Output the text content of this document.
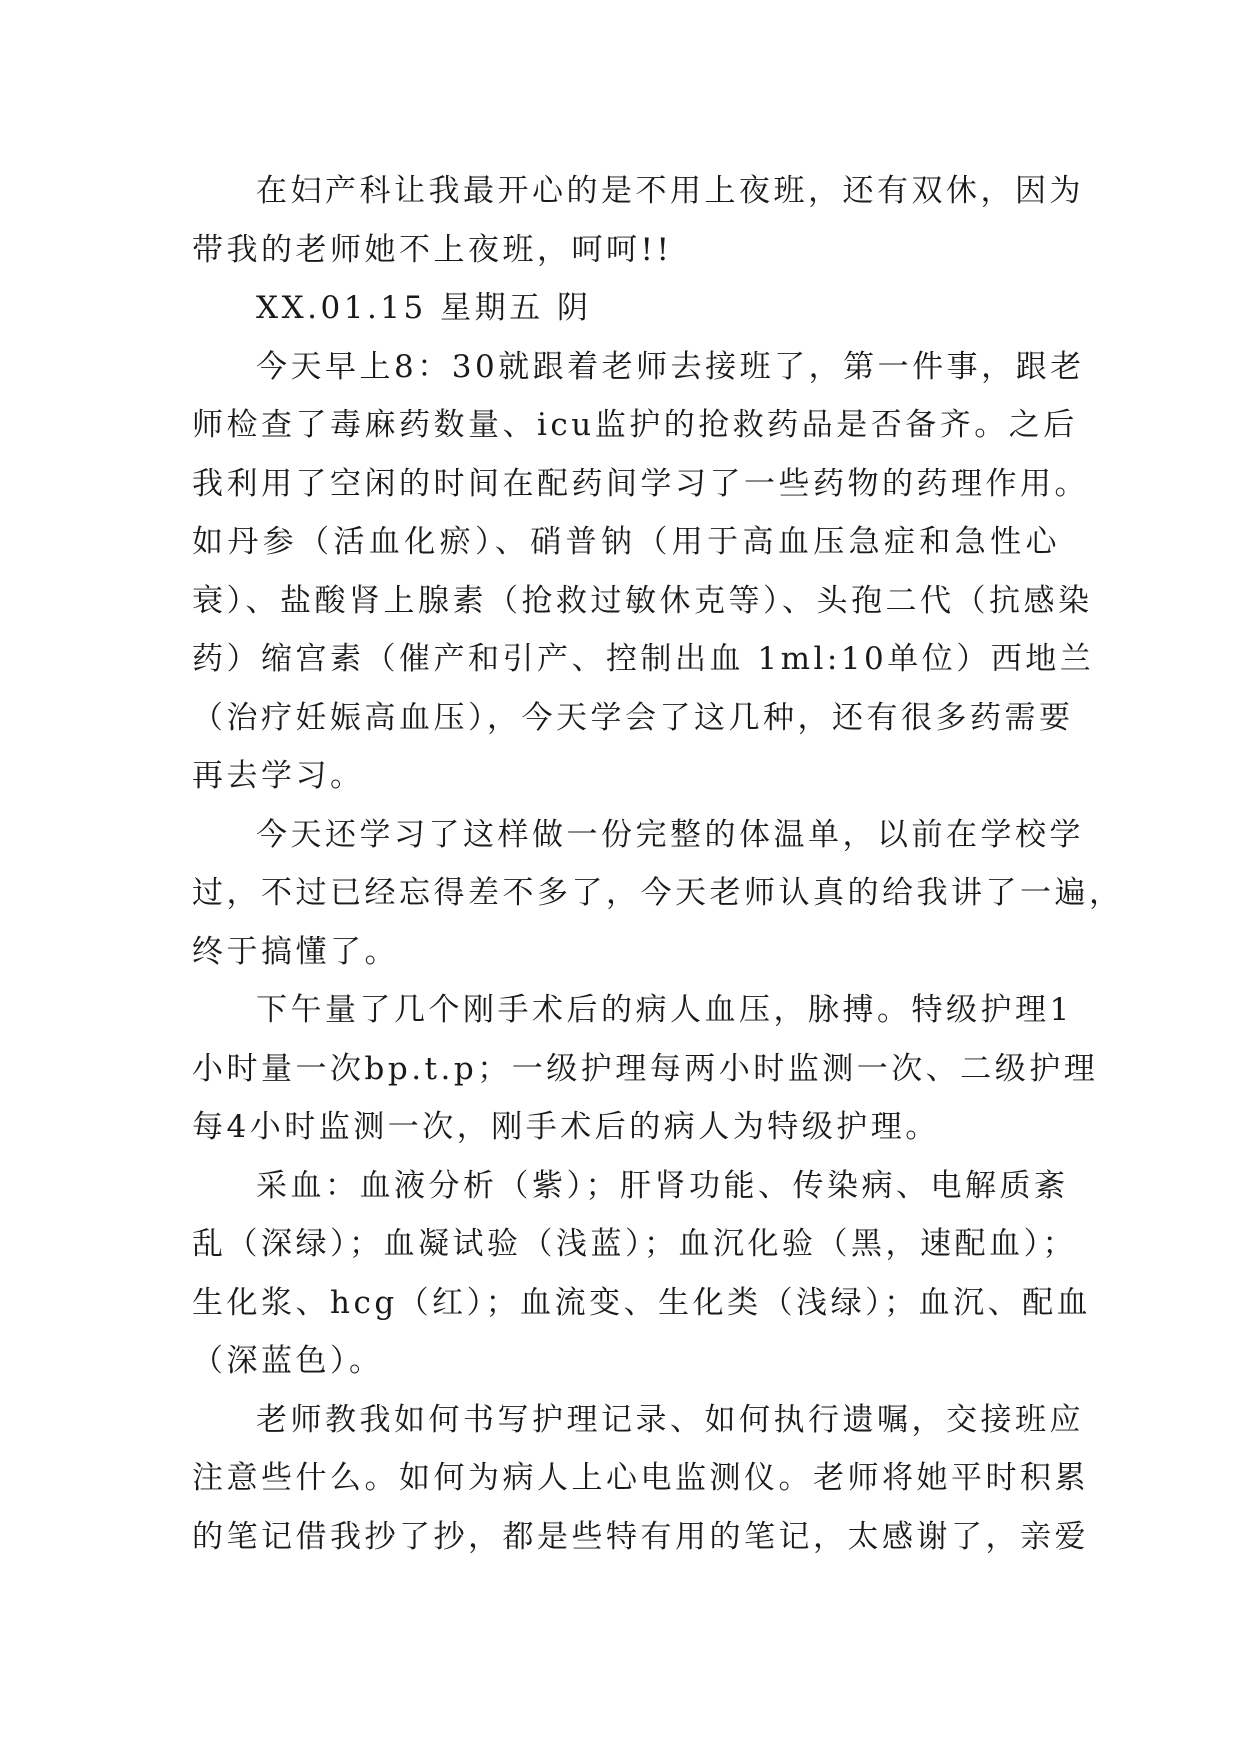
在妇产科让我最开心的是不用上夜班，还有双休，因为
带我的老师她不上夜班，呵呵!!
XX.01.15 星期五 阴
今天早上8：30就跟着老师去接班了，第一件事，跟老
师检查了毒麻药数量、icu监护的抢救药品是否备齐。之后
我利用了空闲的时间在配药间学习了一些药物的药理作用。
如丹参（活血化瘀）、硝普钠（用于高血压急症和急性心
衰）、盐酸肾上腺素（抢救过敏休克等）、头孢二代（抗感染
药）缩宫素（催产和引产、控制出血 1ml:10单位）西地兰
（治疗妊娠高血压），今天学会了这几种，还有很多药需要
再去学习。
今天还学习了这样做一份完整的体温单，以前在学校学
过，不过已经忘得差不多了，今天老师认真的给我讲了一遍，
终于搞懂了。
下午量了几个刚手术后的病人血压，脉搏。特级护理1
小时量一次bp.t.p；一级护理每两小时监测一次、二级护理
每4小时监测一次，刚手术后的病人为特级护理。
采血：血液分析（紫）；肝肾功能、传染病、电解质紊
乱（深绿）；血凝试验（浅蓝）；血沉化验（黑，速配血）；
生化浆、hcg（红）；血流变、生化类（浅绿）；血沉、配血
（深蓝色）。
老师教我如何书写护理记录、如何执行遗嘱，交接班应
注意些什么。如何为病人上心电监测仪。老师将她平时积累
的笔记借我抄了抄，都是些特有用的笔记，太感谢了，亲爱
